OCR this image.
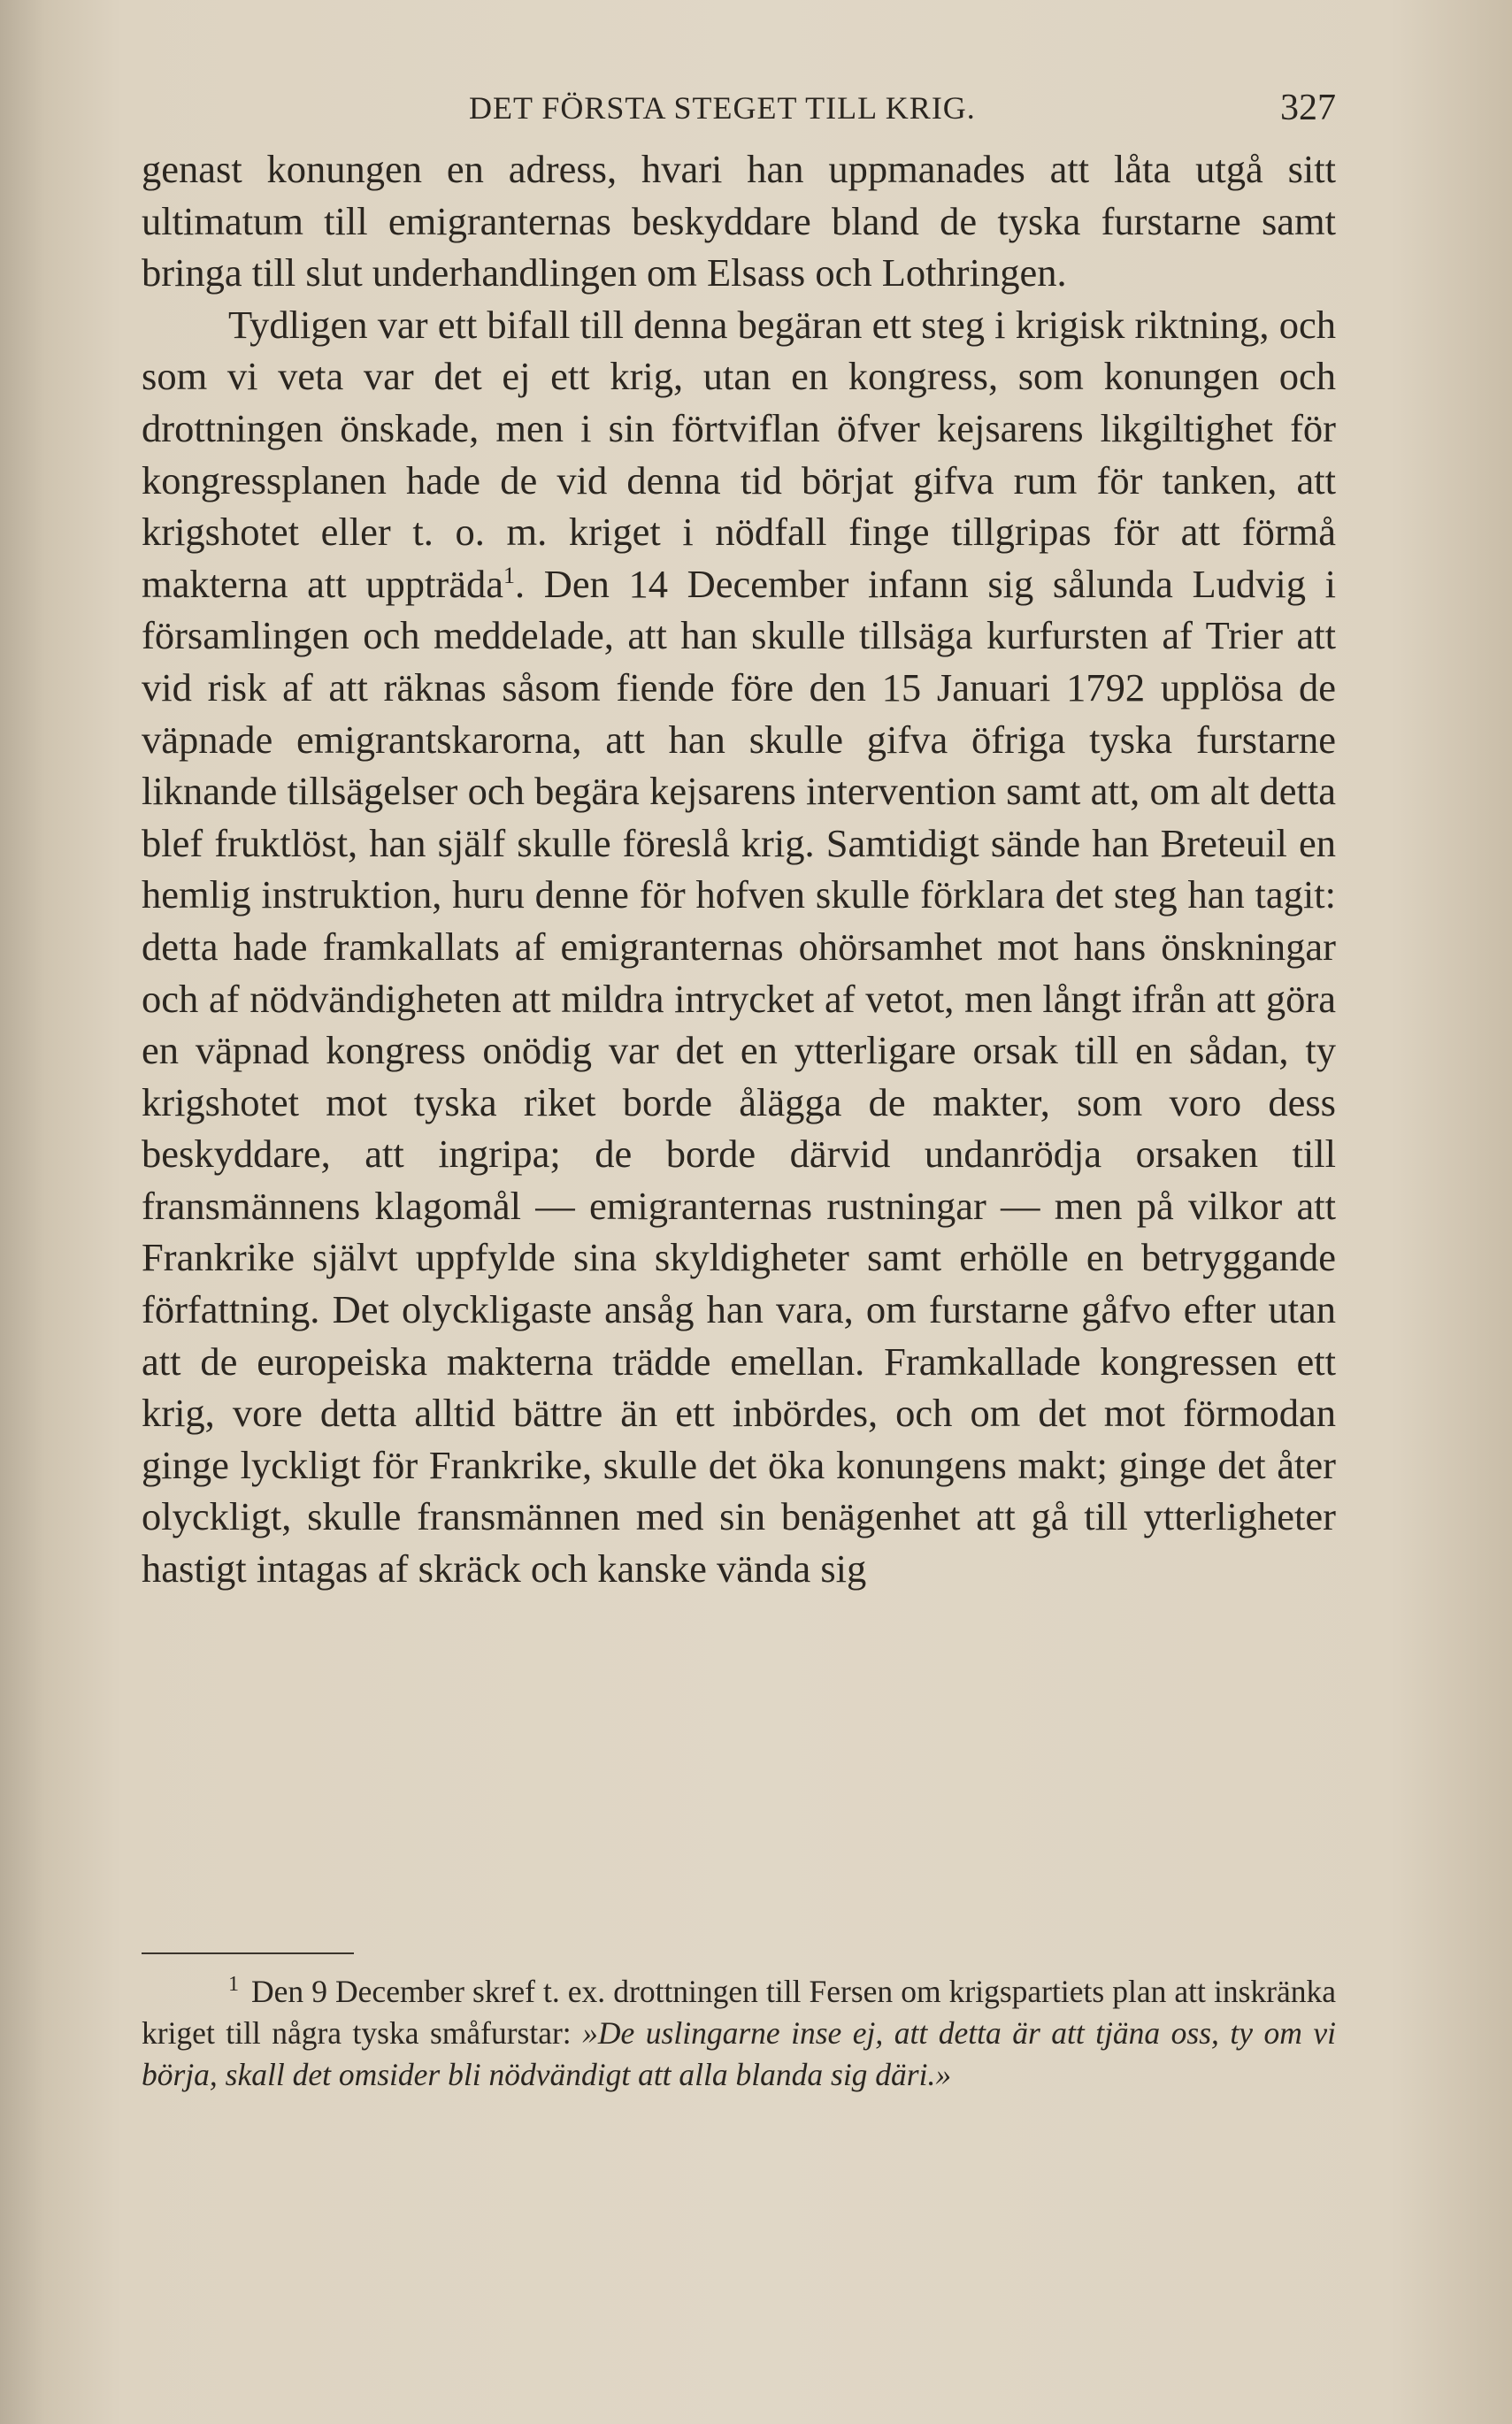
DET FÖRSTA STEGET TILL KRIG.	327

genast konungen en adress, hvari han uppmanades att låta utgå sitt ultimatum till emigranternas beskyddare bland de tyska furstarne samt bringa till slut underhandlingen om Elsass och Lothringen.

Tydligen var ett bifall till denna begäran ett steg i krigisk riktning, och som vi veta var det ej ett krig, utan en kongress, som konungen och drottningen önskade, men i sin förtviflan öfver kejsarens likgiltighet för kongressplanen hade de vid denna tid börjat gifva rum för tanken, att krigshotet eller t. o. m. kriget i nödfall finge tillgripas för att förmå makterna att uppträda$^1$. Den 14 December infann sig sålunda Ludvig i församlingen och meddelade, att han skulle tillsäga kurfursten af Trier att vid risk af att räknas såsom fiende före den 15 Januari 1792 upplösa de väpnade emigrantskarorna, att han skulle gifva öfriga tyska furstarne liknande tillsägelser och begära kejsarens intervention samt att, om alt detta blef fruktlöst, han själf skulle föreslå krig. Samtidigt sände han Breteuil en hemlig instruktion, huru denne för hofven skulle förklara det steg han tagit: detta hade framkallats af emigranternas ohörsamhet mot hans önskningar och af nödvändigheten att mildra intrycket af vetot, men långt ifrån att göra en väpnad kongress onödig var det en ytterligare orsak till en sådan, ty krigshotet mot tyska riket borde ålägga de makter, som voro dess beskyddare, att ingripa; de borde därvid undanrödja orsaken till fransmännens klagomål — emigranternas rustningar — men på vilkor att Frankrike självt uppfylde sina skyldigheter samt erhölle en betryggande författning. Det olyckligaste ansåg han vara, om furstarne gåfvo efter utan att de europeiska makterna trädde emellan. Framkallade kongressen ett krig, vore detta alltid bättre än ett inbördes, och om det mot förmodan ginge lyckligt för Frankrike, skulle det öka konungens makt; ginge det åter olyckligt, skulle fransmännen med sin benägenhet att gå till ytterligheter hastigt intagas af skräck och kanske vända sig

$^1$ Den 9 December skref t. ex. drottningen till Fersen om krigspartiets plan att inskränka kriget till några tyska småfurstar: »De uslingarne inse ej, att detta är att tjäna oss, ty om vi börja, skall det omsider bli nödvändigt att alla blanda sig däri.»
